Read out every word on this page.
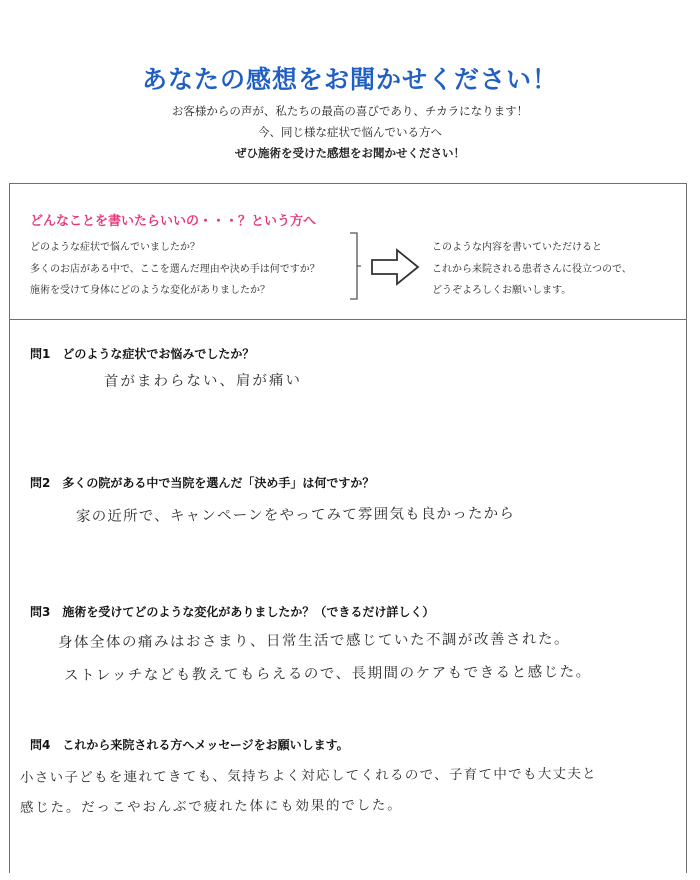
あなたの感想をお聞かせください！
お客様からの声が、私たちの最高の喜びであり、チカラになります！
今、同じ様な症状で悩んでいる方へ
ぜひ施術を受けた感想をお聞かせください！
どんなことを書いたらいいの・・・？という方へ
どのような症状で悩んでいましたか？
多くのお店がある中で、ここを選んだ理由や決め手は何ですか？
施術を受けて身体にどのような変化がありましたか？
このような内容を書いていただけると
これから来院される患者さんに役立つので、
どうぞよろしくお願いします。
問1　どのような症状でお悩みでしたか？
首がまわらない、肩が痛い
問2　多くの院がある中で当院を選んだ「決め手」は何ですか？
家の近所で、キャンペーンをやってみて雰囲気も良かったから
問3　施術を受けてどのような変化がありましたか？（できるだけ詳しく）
身体全体の痛みはおさまり、日常生活で感じていた不調が改善された。
ストレッチなども教えてもらえるので、長期間のケアもできると感じた。
問4　これから来院される方へメッセージをお願いします。
小さい子どもを連れてきても、気持ちよく対応してくれるので、子育て中でも大丈夫と
感じた。だっこやおんぶで疲れた体にも効果的でした。
